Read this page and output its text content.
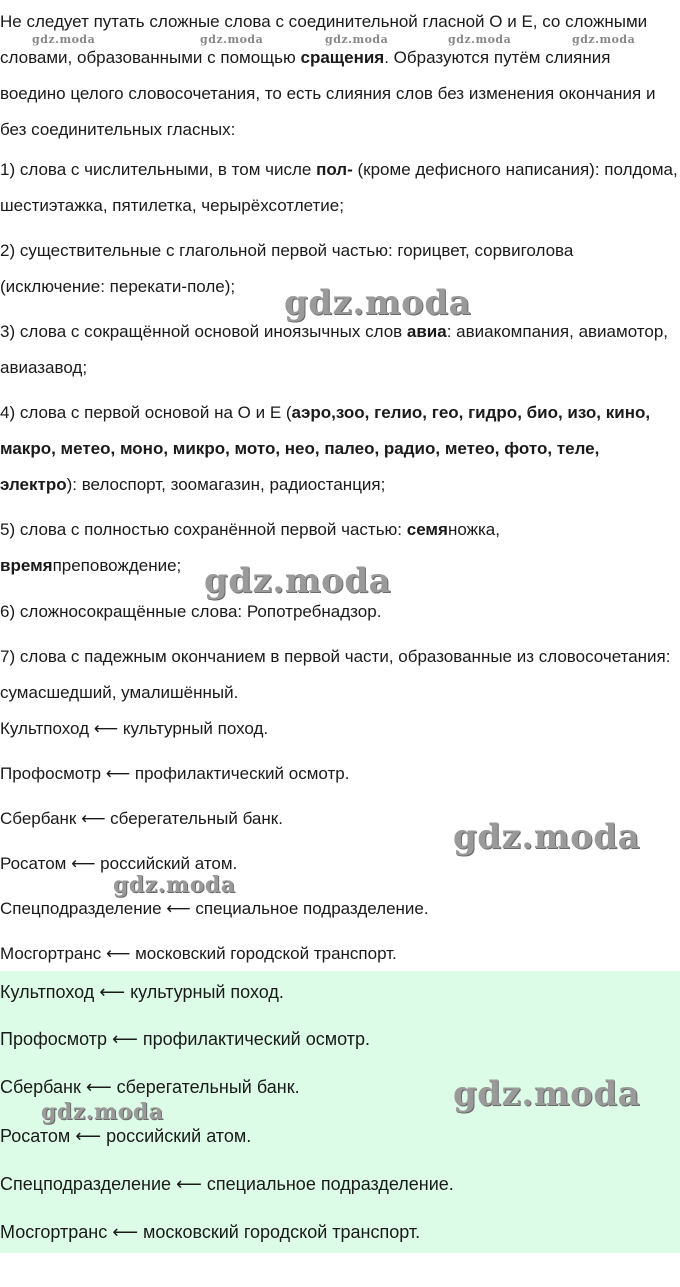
Не следует путать сложные слова с соединительной гласной О и Е, со сложными словами, образованными с помощью сращения. Образуются путём слияния воедино целого словосочетания, то есть слияния слов без изменения окончания и без соединительных гласных:

1) слова с числительными, в том числе пол- (кроме дефисного написания): полдома, шестиэтажка, пятилетка, черырёхсотлетие;

2) существительные с глагольной первой частью: горицвет, сорвиголова (исключение: перекати-поле);

3) слова с сокращённой основой иноязычных слов авиа: авиакомпания, авиамотор, авиазавод;

4) слова с первой основой на О и Е (аэро,зоо, гелио, гео, гидро, био, изо, кино, макро, метео, моно, микро, мото, нео, палео, радио, метео, фото, теле, электро): велоспорт, зоомагазин, радиостанция;

5) слова с полностью сохранённой первой частью: семяножка, времяпреповождение;

6) сложносокращённые слова: Ропотребнадзор.

7) слова с падежным окончанием в первой части, образованные из словосочетания: сумасшедший, умалишённый.

Культпоход ⟵ культурный поход.
Профосмотр ⟵ профилактический осмотр.
Сбербанк ⟵ сберегательный банк.
Росатом ⟵ российский атом.
Спецподразделение ⟵ специальное подразделение.
Мосгортранс ⟵ московский городской транспорт.
Культпоход ⟵ культурный поход.
Профосмотр ⟵ профилактический осмотр.
Сбербанк ⟵ сберегательный банк.
Росатом ⟵ российский атом.
Спецподразделение ⟵ специальное подразделение.
Мосгортранс ⟵ московский городской транспорт.
gdz.moda	gdz.moda	gdz.moda	gdz.moda	gdz.moda
gdz.moda
gdz.moda
gdz.moda
gdz.moda
gdz.moda
gdz.moda
